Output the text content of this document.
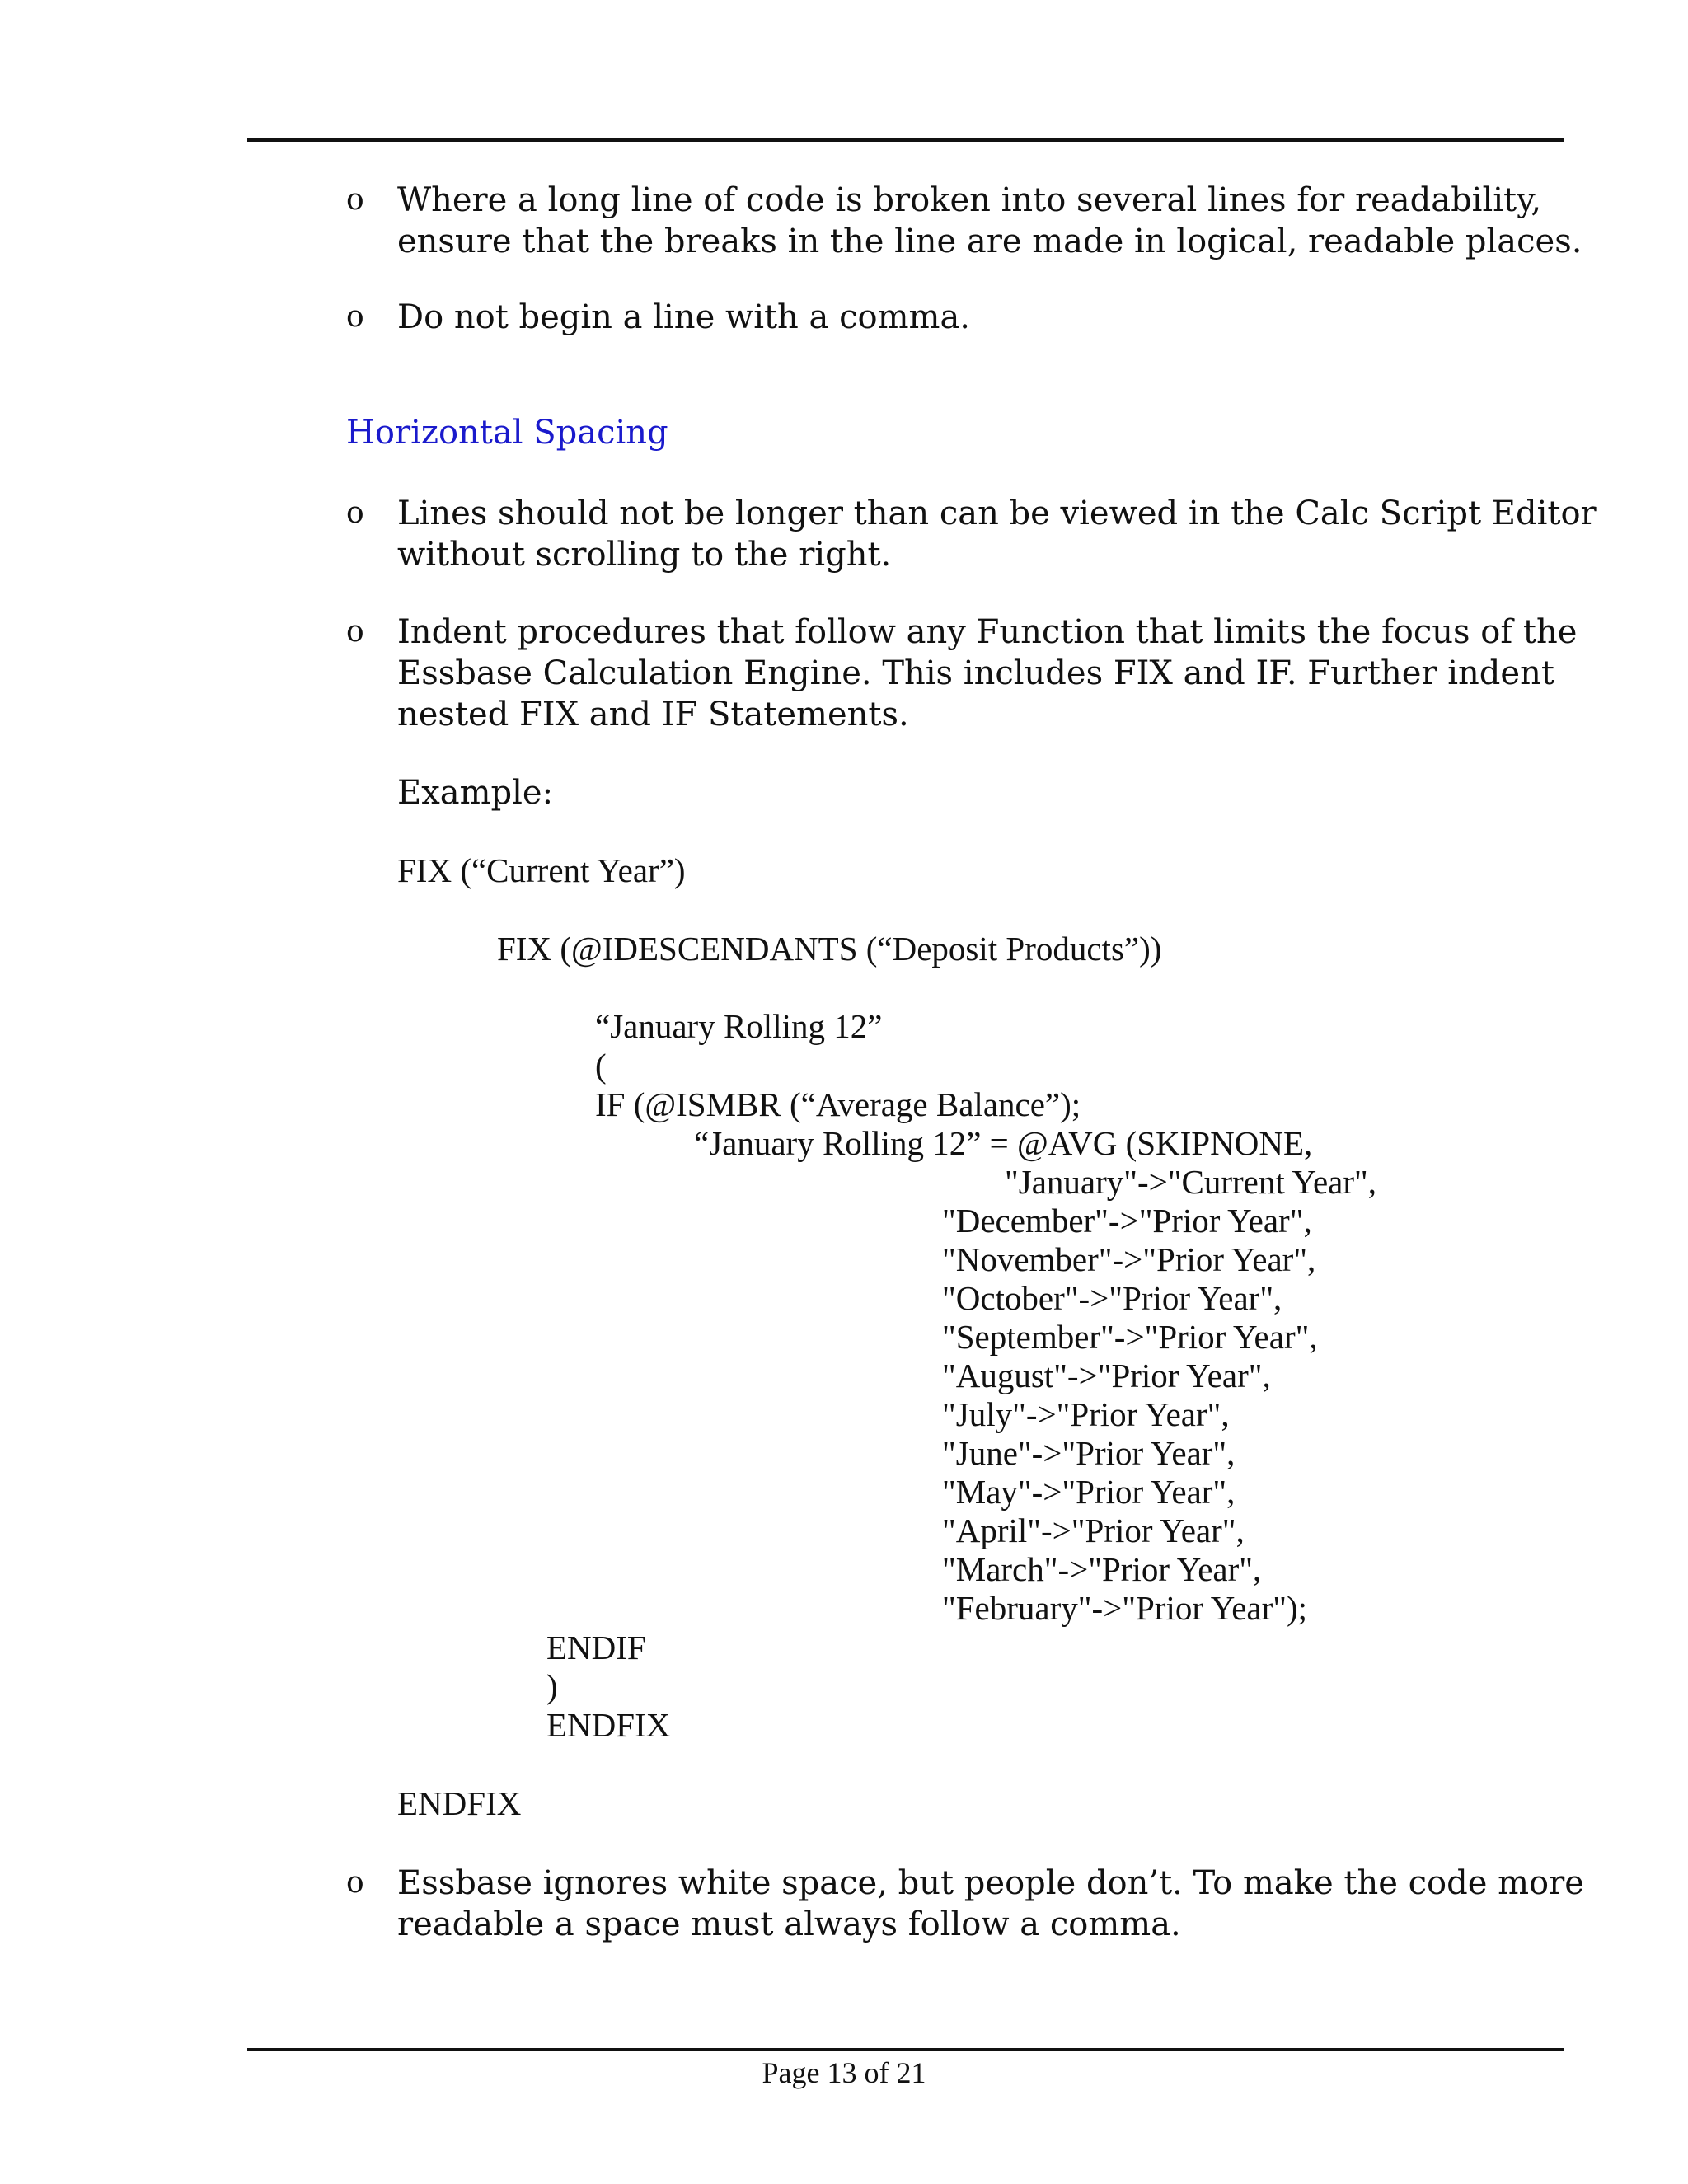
o Where a long line of code is broken into several lines for readability,
ensure that the breaks in the line are made in logical, readable places.
o Do not begin a line with a comma.
Horizontal Spacing
o Lines should not be longer than can be viewed in the Calc Script Editor
without scrolling to the right.
o Indent procedures that follow any Function that limits the focus of the
Essbase Calculation Engine. This includes FIX and IF. Further indent
nested FIX and IF Statements.
Example:
FIX (“Current Year”)
FIX (@IDESCENDANTS (“Deposit Products”))
“January Rolling 12”
(
IF (@ISMBR (“Average Balance”);
“January Rolling 12” = @AVG (SKIPNONE,
"January"->"Current Year",
"December"->"Prior Year",
"November"->"Prior Year",
"October"->"Prior Year",
"September"->"Prior Year",
"August"->"Prior Year",
"July"->"Prior Year",
"June"->"Prior Year",
"May"->"Prior Year",
"April"->"Prior Year",
"March"->"Prior Year",
"February"->"Prior Year");
ENDIF
)
ENDFIX
ENDFIX
o Essbase ignores white space, but people don’t. To make the code more
readable a space must always follow a comma.
Page 13 of 21
